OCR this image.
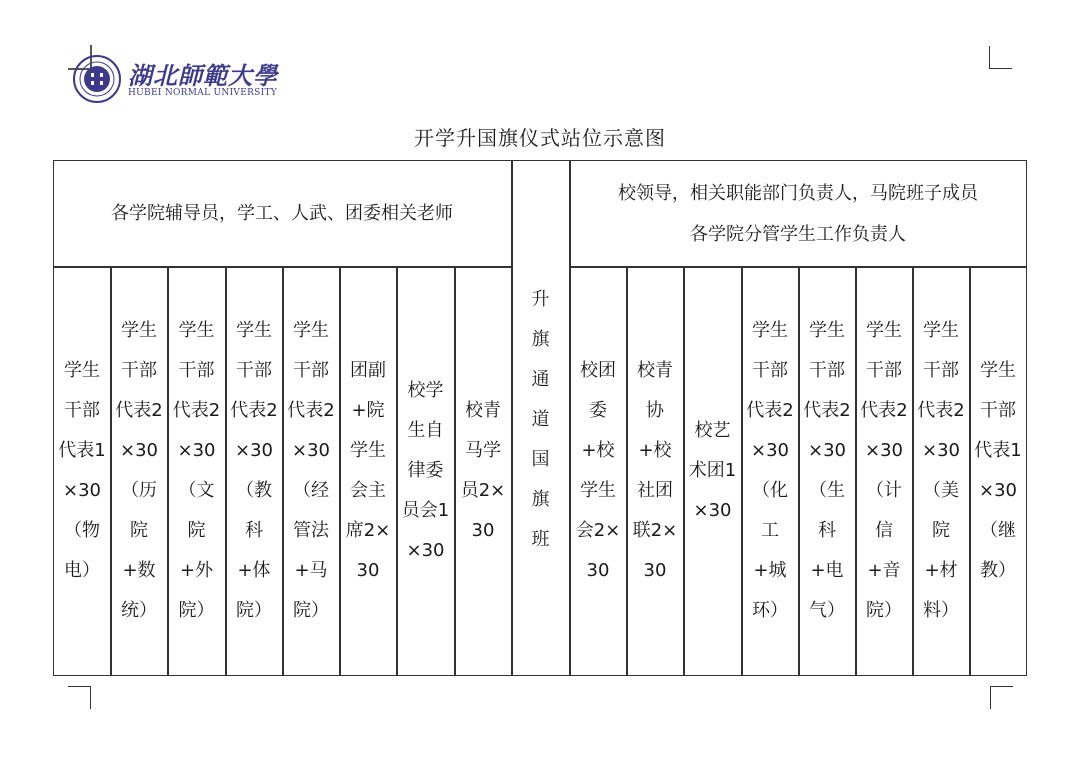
湖北師範大學
HUBEI NORMAL UNIVERSITY
开学升国旗仪式站位示意图
各学院辅导员，学工、人武、团委相关老师
校领导，相关职能部门负责人，马院班子成员
各学院分管学生工作负责人
升旗通道　国旗班
学生干部代表1×30（物电）
学生干部代表2×30（历院+数统）
学生干部代表2×30（文院+外院）
学生干部代表2×30（教科+体院）
学生干部代表2×30（经管法+马院）
团副+院学生会主席2×30
校学生自律委员会1×30
校青马学员2×30
校团委+校学生会2×30
校青协+校社团联2×30
校艺术团1×30
学生干部代表2×30（化工+城环）
学生干部代表2×30（生科+电气）
学生干部代表2×30（计信+音院）
学生干部代表2×30（美院+材料）
学生干部代表1×30（继教）
